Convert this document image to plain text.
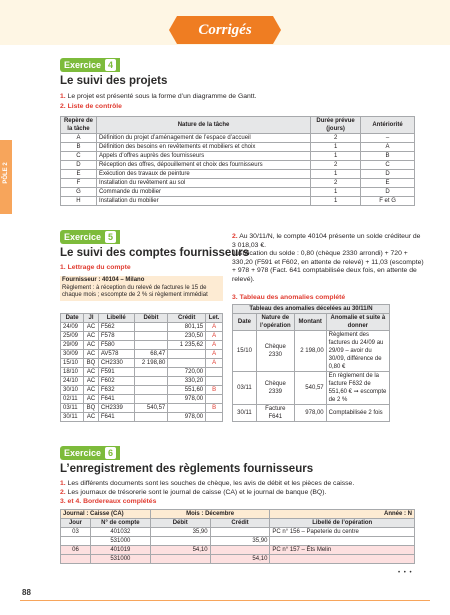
Corrigés
PÔLE 2
Exercice 4
Le suivi des projets
1. Le projet est présenté sous la forme d’un diagramme de Gantt.
2. Liste de contrôle
Repère de la tâche	Nature de la tâche	Durée prévue (jours)	Antériorité
A	Définition du projet d’aménagement de l’espace d’accueil	2	–
B	Définition des besoins en revêtements et mobiliers et choix	1	A
C	Appels d’offres auprès des fournisseurs	1	B
D	Réception des offres, dépouillement et choix des fournisseurs	2	C
E	Exécution des travaux de peinture	1	D
F	Installation du revêtement au sol	2	E
G	Commande du mobilier	1	D
H	Installation du mobilier	1	F et G
Exercice 5
Le suivi des comptes fournisseurs
1. Lettrage du compte
Fournisseur : 40104 – Milano
Règlement : à réception du relevé de factures le 15 de chaque mois ; escompte de 2 % si règlement immédiat
Date	Jl	Libellé	Débit	Crédit	Let.
24/09	AC	F562		801,15	A
25/09	AC	F578		230,50	A
29/09	AC	F580		1 235,62	A
30/09	AC	AV578	68,47		A
15/10	BQ	CH2330	2 198,80		A
18/10	AC	F591		720,00	
24/10	AC	F602		330,20	
30/10	AC	F632		551,60	B
02/11	AC	F641		978,00	
03/11	BQ	CH2339	540,57		B
30/11	AC	F641		978,00	
2. Au 30/11/N, le compte 40104 présente un solde créditeur de 3 018,03 €.
Justification du solde : 0,80 (chèque 2330 arrondi) + 720 + 330,20 (F591 et F602, en attente de relevé) + 11,03 (escompte) + 978 + 978 (Fact. 641 comptabilisée deux fois, en attente de relevé).
3. Tableau des anomalies complété
Tableau des anomalies décelées au 30/11/N			
Date	Nature de l’opération	Montant	Anomalie et suite à donner
15/10	Chèque 2330	2 198,00	Règlement des factures du 24/09 au 29/09 – avoir du 30/09, différence de 0,80 €
03/11	Chèque 2339	540,57	En règlement de la facture F632 de 551,60 € ➞ escompte de 2 %
30/11	Facture F641	978,00	Comptabilisée 2 fois
Exercice 6
L’enregistrement des règlements fournisseurs
1. Les différents documents sont les souches de chèque, les avis de débit et les pièces de caisse.
2. Les journaux de trésorerie sont le journal de caisse (CA) et le journal de banque (BQ).
3. et 4. Bordereaux complétés
Journal : Caisse (CA)		Mois : Décembre		Année : N
Jour	N° de compte	Débit	Crédit	Libellé de l’opération
03	401032	35,90		PC n° 156 – Papeterie du centre
	531000		35,90	
06	401019	54,10		PC n° 157 – Éts Melin
	531000		54,10	
• • •
88
